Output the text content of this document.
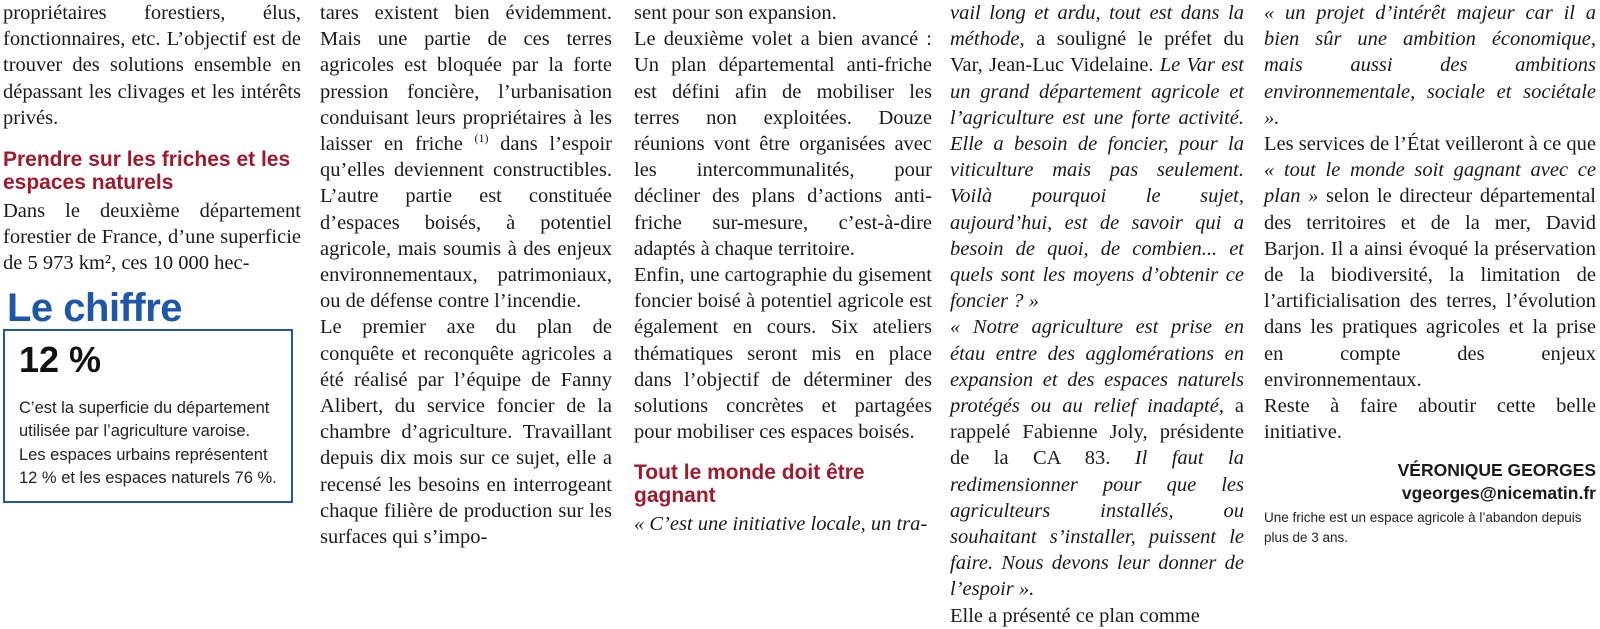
propriétaires forestiers, élus, fonctionnaires, etc. L’objectif est de trouver des solutions ensemble en dépassant les clivages et les intérêts privés.

Prendre sur les friches et les espaces naturels

Dans le deuxième département forestier de France, d’une superficie de 5 973 km², ces 10 000 hec-

Le chiffre
12 %
C’est la superficie du département utilisée par l’agriculture varoise. Les espaces urbains représentent 12 % et les espaces naturels 76 %.

tares existent bien évidemment. Mais une partie de ces terres agricoles est bloquée par la forte pression foncière, l’urbanisation conduisant leurs propriétaires à les laisser en friche $^{(1)}$ dans l’espoir qu’elles deviennent constructibles. L’autre partie est constituée d’espaces boisés, à potentiel agricole, mais soumis à des enjeux environnementaux, patrimoniaux, ou de défense contre l’incendie.

Le premier axe du plan de conquête et reconquête agricoles a été réalisé par l’équipe de Fanny Alibert, du service foncier de la chambre d’agriculture. Travaillant depuis dix mois sur ce sujet, elle a recensé les besoins en interrogeant chaque filière de production sur les surfaces qui s’impo-

sent pour son expansion.

Le deuxième volet a bien avancé : Un plan départemental anti-friche est défini afin de mobiliser les terres non exploitées. Douze réunions vont être organisées avec les intercommunalités, pour décliner des plans d’actions anti-friche sur-mesure, c’est-à-dire adaptés à chaque territoire.

Enfin, une cartographie du gisement foncier boisé à potentiel agricole est également en cours. Six ateliers thématiques seront mis en place dans l’objectif de déterminer des solutions concrètes et partagées pour mobiliser ces espaces boisés.

Tout le monde doit être gagnant

« C’est une initiative locale, un tra-

vail long et ardu, tout est dans la méthode, a souligné le préfet du Var, Jean-Luc Videlaine. Le Var est un grand département agricole et l’agriculture est une forte activité. Elle a besoin de foncier, pour la viticulture mais pas seulement. Voilà pourquoi le sujet, aujourd’hui, est de savoir qui a besoin de quoi, de combien... et quels sont les moyens d’obtenir ce foncier ? »

« Notre agriculture est prise en étau entre des agglomérations en expansion et des espaces naturels protégés ou au relief inadapté, a rappelé Fabienne Joly, présidente de la CA 83. Il faut la redimensionner pour que les agriculteurs installés, ou souhaitant s’installer, puissent le faire. Nous devons leur donner de l’espoir ».

Elle a présenté ce plan comme

« un projet d’intérêt majeur car il a bien sûr une ambition économique, mais aussi des ambitions environnementale, sociale et sociétale ».

Les services de l’État veilleront à ce que « tout le monde soit gagnant avec ce plan » selon le directeur départemental des territoires et de la mer, David Barjon. Il a ainsi évoqué la préservation de la biodiversité, la limitation de l’artificialisation des terres, l’évolution dans les pratiques agricoles et la prise en compte des enjeux environnementaux.

Reste à faire aboutir cette belle initiative.

VÉRONIQUE GEORGES
vgeorges@nicematin.fr
Une friche est un espace agricole à l’abandon depuis plus de 3 ans.
